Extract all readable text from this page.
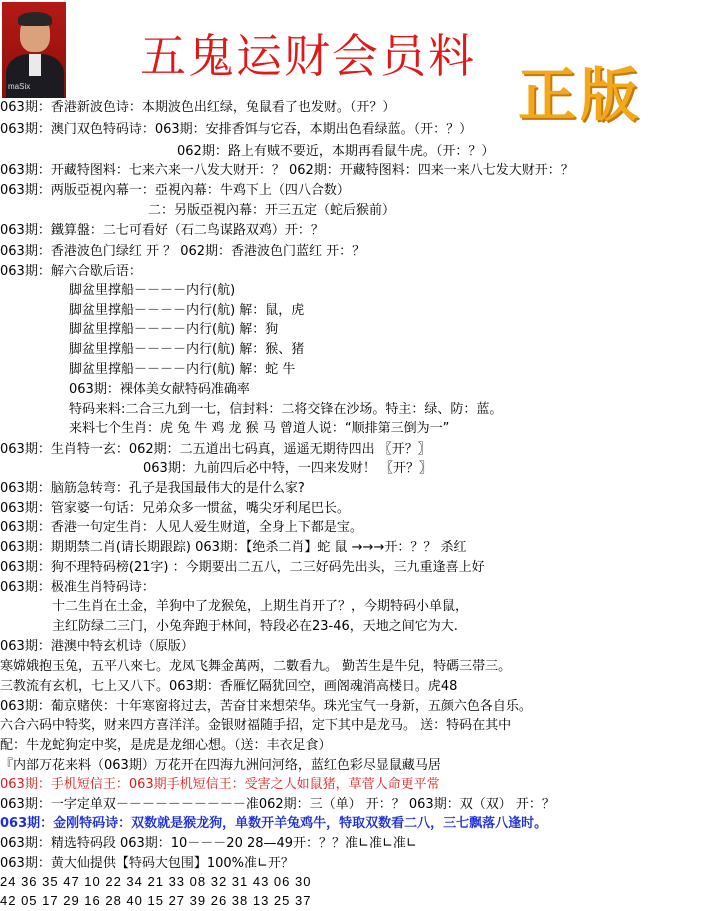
maSix
五鬼运财会员料
正版
063期：香港新波色诗：本期波色出红绿，兔鼠看了也发财。（开？）
063期：澳门双色特码诗：063期：安排香饵与它吞，本期出色看绿蓝。（开：？）
062期：路上有贼不要近，本期再看鼠牛虎。（开：？）
063期：开藏特图料：七来六来一八发大财开：？ 062期：开藏特图料：四来一来八七发大财开：？
063期：两版亞視內幕一：亞視內幕：牛鸡下上（四八合数）
二：另版亞視內幕：开三五定（蛇后猴前）
063期：鐵算盤：二七可看好（石二鸟谋路双鸡）开：？
063期：香港波色门绿红 开 ？ 062期：香港波色门蓝红 开：？
063期：解六合歇后语：
脚盆里撑船－－－－内行(航)
脚盆里撑船－－－－内行(航) 解：鼠，虎
脚盆里撑船－－－－内行(航) 解：狗
脚盆里撑船－－－－内行(航) 解：猴、猪
脚盆里撑船－－－－内行(航) 解：蛇 牛
063期：裸体美女献特码准确率
特码来料:二合三九到一七，信封料：二将交锋在沙场。特主：绿、防：蓝。
来料七个生肖：虎 兔 牛 鸡 龙 猴 马 曾道人说：“顺排第三倒为一”
063期：生肖特一玄：062期：二五道出七码真，遥遥无期待四出 〖开？〗
063期：九前四后必中特，一四来发财！ 〖开？〗
063期：脑筋急转弯：孔子是我国最伟大的是什么家?
063期：管家婆一句话：兄弟众多一惯盆，嘴尖牙利尾巴长。
063期：香港一句定生肖：人见人爱生财道，全身上下都是宝。
063期：期期禁二肖(请长期跟踪) 063期：【绝杀二肖】蛇 鼠 →→→开：？？ 杀红
063期：狗不理特码榜(21字) ：今期要出二五八，二三好码先出头，三九重逢喜上好
063期：极准生肖特码诗：
十二生肖在土金，羊狗中了龙猴兔，上期生肖开了？，今期特码小单鼠，
主红防绿二三门，小兔奔跑于林间，特段必在23-46，天地之间它为大.
063期：港澳中特玄机诗（原版）
寒嫦娥抱玉兔，五平八來七。龙凤飞舞金萬两，二數看九。 勤苦生是牛兒，特碼三帯三。
三教流有玄机，七上又八下。063期：香雁忆隔犹回空，画阁魂消高楼日。虎48
063期：葡京赌侠：十年寒窗将过去，苦奋甘来想荣华。珠光宝气一身新，五颜六色各自乐。
六合六码中特奖，财来四方喜洋洋。金银财福随手招，定下其中是龙马。 送：特码在其中
配：牛龙蛇狗定中奖，是虎是龙细心想。（送：丰衣足食）
『内部万花来料（063期）万花开在四海九洲问河络，蓝红色彩尽显鼠藏马居
063期：手机短信王：063期手机短信王：受害之人如鼠猪，草菅人命更平常
063期：一字定单双－－－－－－－－－－准062期：三（单） 开：？ 063期：双（双） 开：？
063期：金刚特码诗：双数就是猴龙狗，单数开羊兔鸡牛，特取双数看二八，三七飘落八逢时。
063期：精选特码段 063期：10－－－20 28—49开：？？准∟准∟准∟
063期：黄大仙提供【特码大包围】100%准∟开？
24 36 35 47 10 22 34 21 33 08 32 31 43 06 30
42 05 17 29 16 28 40 15 27 39 26 38 13 25 37
